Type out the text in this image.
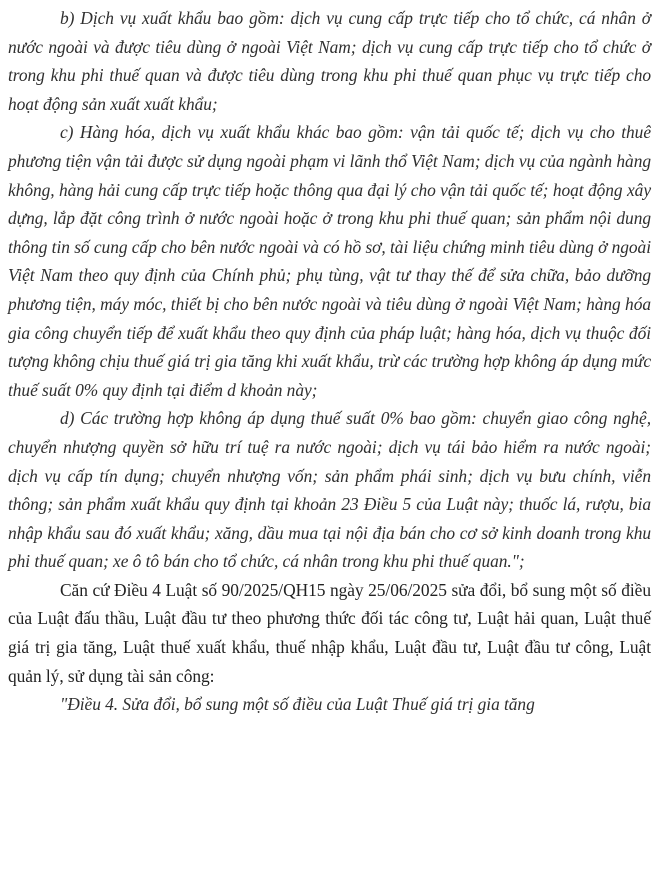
b) Dịch vụ xuất khẩu bao gồm: dịch vụ cung cấp trực tiếp cho tổ chức, cá nhân ở nước ngoài và được tiêu dùng ở ngoài Việt Nam; dịch vụ cung cấp trực tiếp cho tổ chức ở trong khu phi thuế quan và được tiêu dùng trong khu phi thuế quan phục vụ trực tiếp cho hoạt động sản xuất xuất khẩu;

c) Hàng hóa, dịch vụ xuất khẩu khác bao gồm: vận tải quốc tế; dịch vụ cho thuê phương tiện vận tải được sử dụng ngoài phạm vi lãnh thổ Việt Nam; dịch vụ của ngành hàng không, hàng hải cung cấp trực tiếp hoặc thông qua đại lý cho vận tải quốc tế; hoạt động xây dựng, lắp đặt công trình ở nước ngoài hoặc ở trong khu phi thuế quan; sản phẩm nội dung thông tin số cung cấp cho bên nước ngoài và có hồ sơ, tài liệu chứng minh tiêu dùng ở ngoài Việt Nam theo quy định của Chính phủ; phụ tùng, vật tư thay thế để sửa chữa, bảo dưỡng phương tiện, máy móc, thiết bị cho bên nước ngoài và tiêu dùng ở ngoài Việt Nam; hàng hóa gia công chuyển tiếp để xuất khẩu theo quy định của pháp luật; hàng hóa, dịch vụ thuộc đối tượng không chịu thuế giá trị gia tăng khi xuất khẩu, trừ các trường hợp không áp dụng mức thuế suất 0% quy định tại điểm d khoản này;

d) Các trường hợp không áp dụng thuế suất 0% bao gồm: chuyển giao công nghệ, chuyển nhượng quyền sở hữu trí tuệ ra nước ngoài; dịch vụ tái bảo hiểm ra nước ngoài; dịch vụ cấp tín dụng; chuyển nhượng vốn; sản phẩm phái sinh; dịch vụ bưu chính, viễn thông; sản phẩm xuất khẩu quy định tại khoản 23 Điều 5 của Luật này; thuốc lá, rượu, bia nhập khẩu sau đó xuất khẩu; xăng, dầu mua tại nội địa bán cho cơ sở kinh doanh trong khu phi thuế quan; xe ô tô bán cho tổ chức, cá nhân trong khu phi thuế quan.";

Căn cứ Điều 4 Luật số 90/2025/QH15 ngày 25/06/2025 sửa đổi, bổ sung một số điều của Luật đấu thầu, Luật đầu tư theo phương thức đối tác công tư, Luật hải quan, Luật thuế giá trị gia tăng, Luật thuế xuất khẩu, thuế nhập khẩu, Luật đầu tư, Luật đầu tư công, Luật quản lý, sử dụng tài sản công:

"Điều 4. Sửa đổi, bổ sung một số điều của Luật Thuế giá trị gia tăng
